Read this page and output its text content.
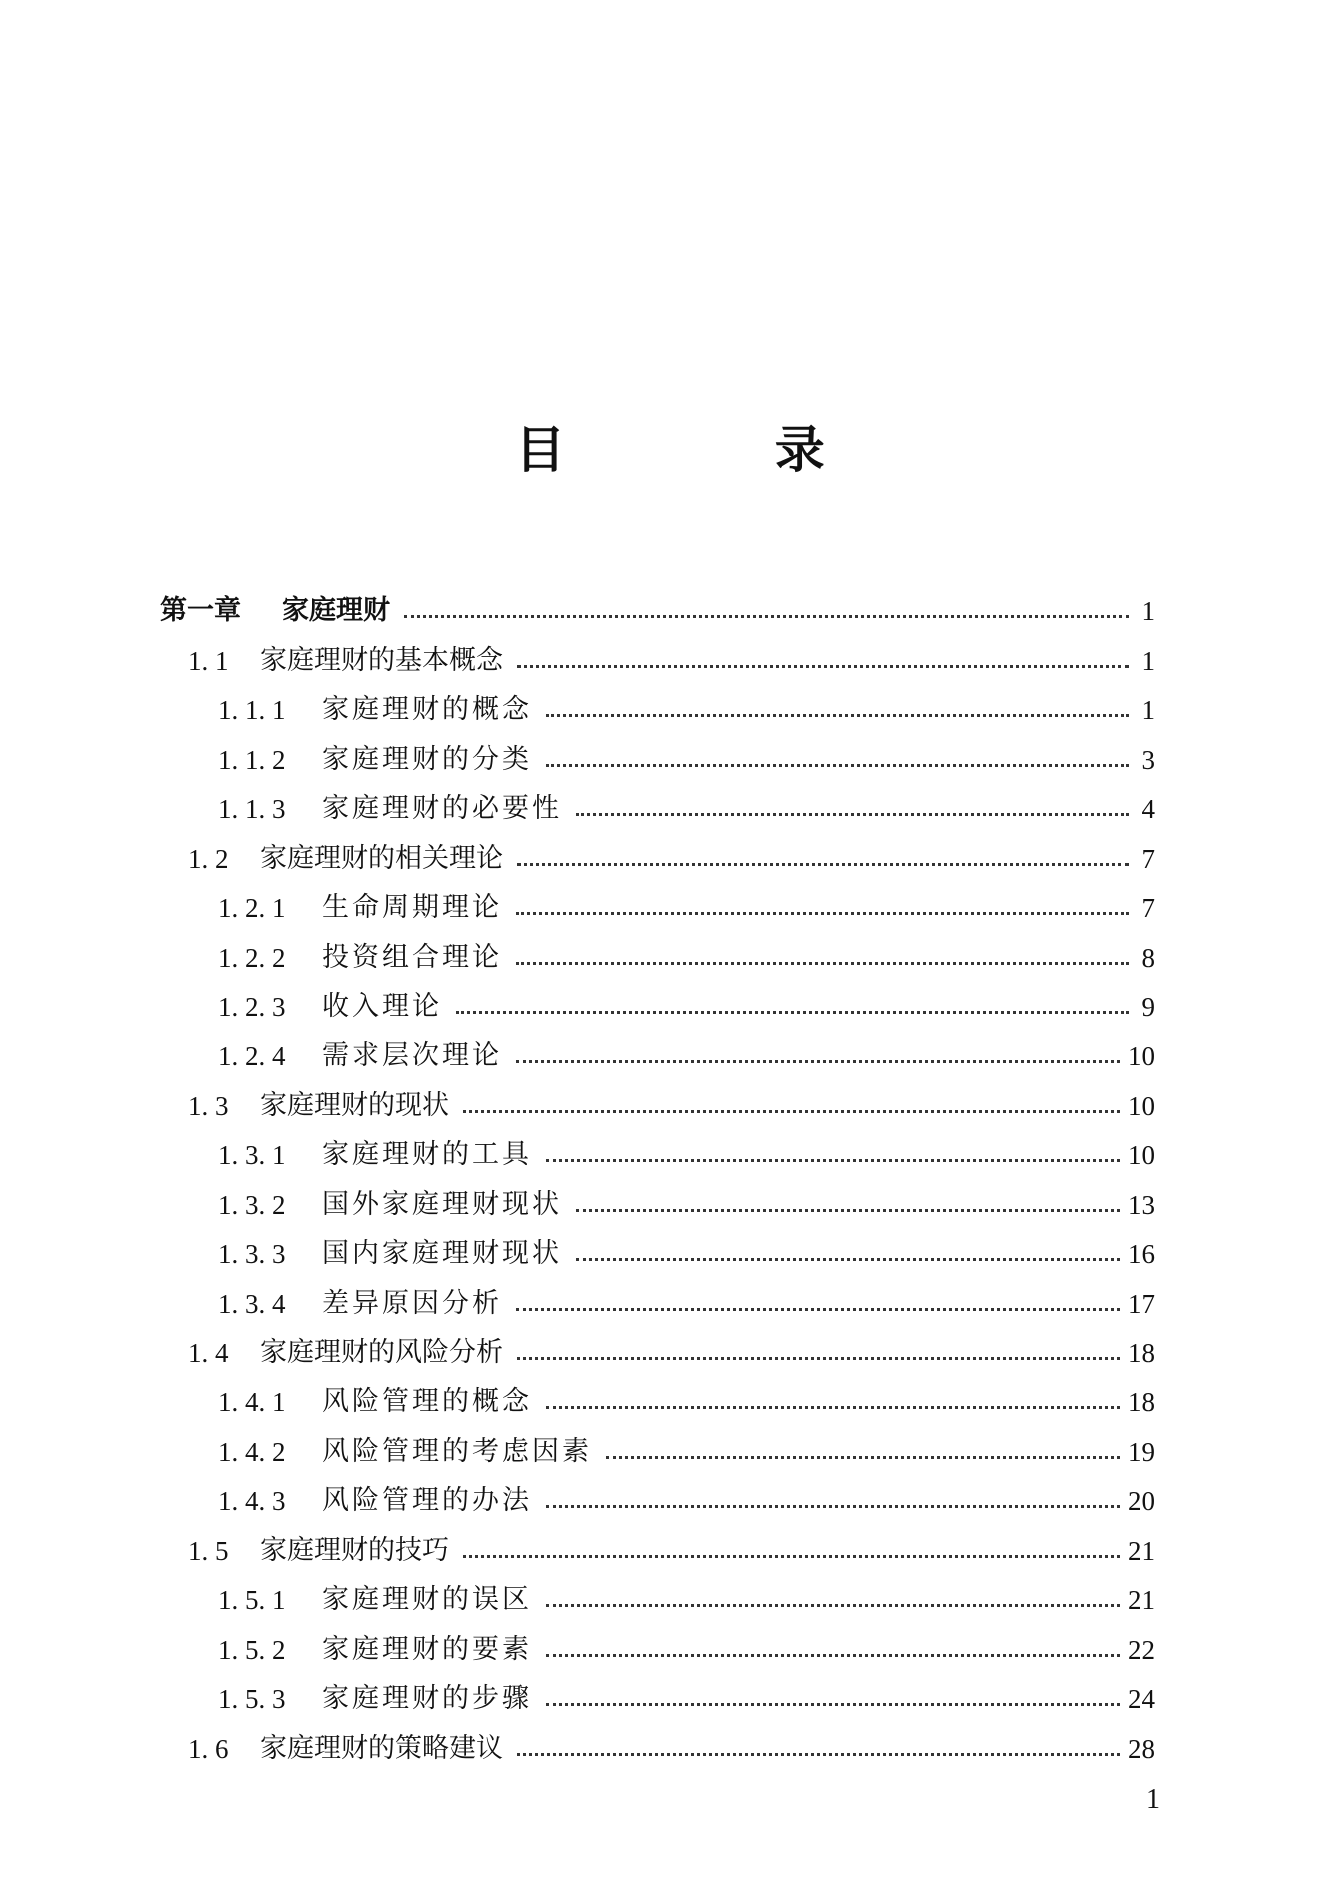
目 录
第一章	家庭理财	1
1. 1	家庭理财的基本概念	1
1. 1. 1	家庭理财的概念	1
1. 1. 2	家庭理财的分类	3
1. 1. 3	家庭理财的必要性	4
1. 2	家庭理财的相关理论	7
1. 2. 1	生命周期理论	7
1. 2. 2	投资组合理论	8
1. 2. 3	收入理论	9
1. 2. 4	需求层次理论	10
1. 3	家庭理财的现状	10
1. 3. 1	家庭理财的工具	10
1. 3. 2	国外家庭理财现状	13
1. 3. 3	国内家庭理财现状	16
1. 3. 4	差异原因分析	17
1. 4	家庭理财的风险分析	18
1. 4. 1	风险管理的概念	18
1. 4. 2	风险管理的考虑因素	19
1. 4. 3	风险管理的办法	20
1. 5	家庭理财的技巧	21
1. 5. 1	家庭理财的误区	21
1. 5. 2	家庭理财的要素	22
1. 5. 3	家庭理财的步骤	24
1. 6	家庭理财的策略建议	28
1
